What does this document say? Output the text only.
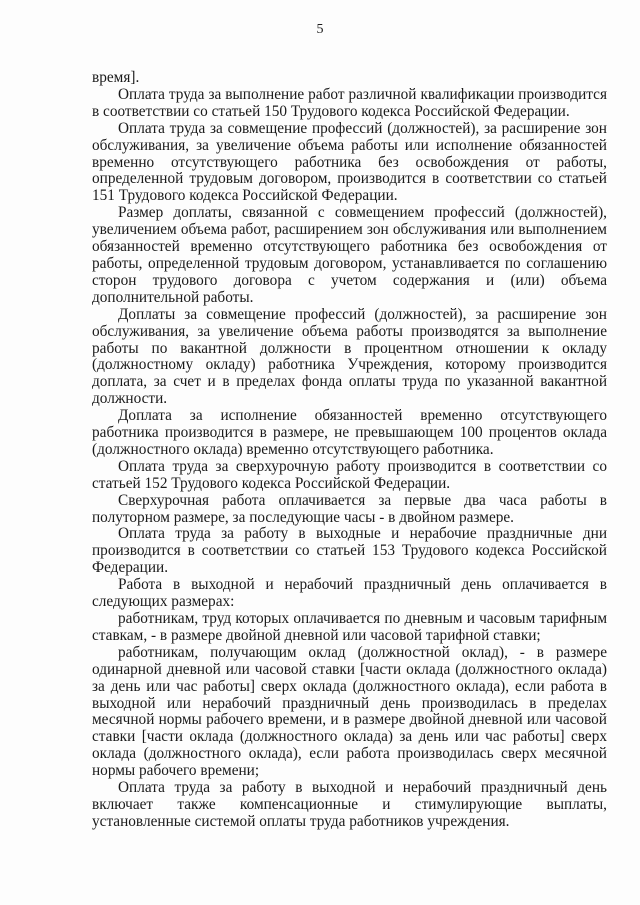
5

время].

Оплата труда за выполнение работ различной квалификации производится в соответствии со статьей 150 Трудового кодекса Российской Федерации.

Оплата труда за совмещение профессий (должностей), за расширение зон обслуживания, за увеличение объема работы или исполнение обязанностей временно отсутствующего работника без освобождения от работы, определенной трудовым договором, производится в соответствии со статьей 151 Трудового кодекса Российской Федерации.

Размер доплаты, связанной с совмещением профессий (должностей), увеличением объема работ, расширением зон обслуживания или выполнением обязанностей временно отсутствующего работника без освобождения от работы, определенной трудовым договором, устанавливается по соглашению сторон трудового договора с учетом содержания и (или) объема дополнительной работы.

Доплаты за совмещение профессий (должностей), за расширение зон обслуживания, за увеличение объема работы производятся за выполнение работы по вакантной должности в процентном отношении к окладу (должностному окладу) работника Учреждения, которому производится доплата, за счет и в пределах фонда оплаты труда по указанной вакантной должности.

Доплата за исполнение обязанностей временно отсутствующего работника производится в размере, не превышающем 100 процентов оклада (должностного оклада) временно отсутствующего работника.

Оплата труда за сверхурочную работу производится в соответствии со статьей 152 Трудового кодекса Российской Федерации.

Сверхурочная работа оплачивается за первые два часа работы в полуторном размере, за последующие часы - в двойном размере.

Оплата труда за работу в выходные и нерабочие праздничные дни производится в соответствии со статьей 153 Трудового кодекса Российской Федерации.

Работа в выходной и нерабочий праздничный день оплачивается в следующих размерах:

работникам, труд которых оплачивается по дневным и часовым тарифным ставкам, - в размере двойной дневной или часовой тарифной ставки;

работникам, получающим оклад (должностной оклад), - в размере одинарной дневной или часовой ставки [части оклада (должностного оклада) за день или час работы] сверх оклада (должностного оклада), если работа в выходной или нерабочий праздничный день производилась в пределах месячной нормы рабочего времени, и в размере двойной дневной или часовой ставки [части оклада (должностного оклада) за день или час работы] сверх оклада (должностного оклада), если работа производилась сверх месячной нормы рабочего времени;

Оплата труда за работу в выходной и нерабочий праздничный день включает также компенсационные и стимулирующие выплаты, установленные системой оплаты труда работников учреждения.
